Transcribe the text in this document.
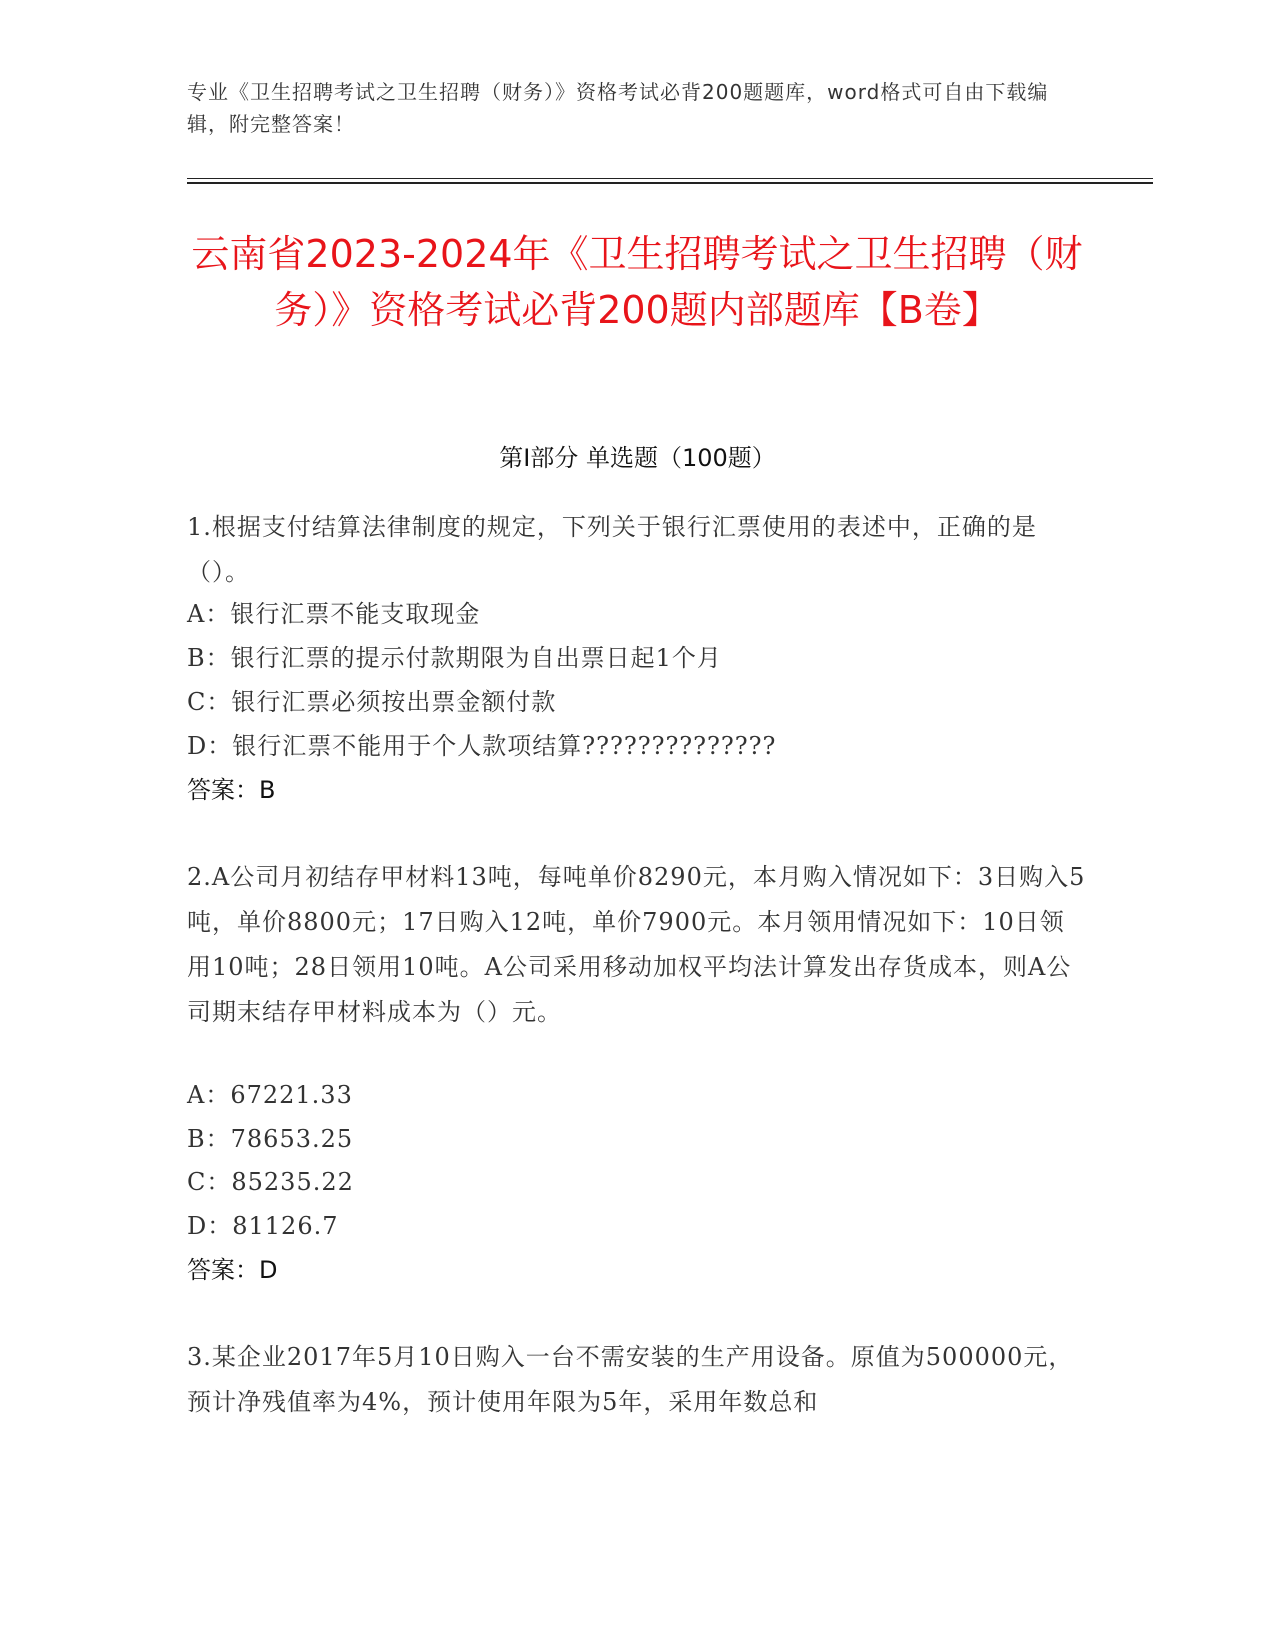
专业《卫生招聘考试之卫生招聘（财务）》资格考试必背200题题库，word格式可自由下载编辑，附完整答案！
云南省2023-2024年《卫生招聘考试之卫生招聘（财务）》资格考试必背200题内部题库【B卷】
第I部分 单选题（100题）
1.根据支付结算法律制度的规定，下列关于银行汇票使用的表述中，正确的是（）。
A：银行汇票不能支取现金
B：银行汇票的提示付款期限为自出票日起1个月
C：银行汇票必须按出票金额付款
D：银行汇票不能用于个人款项结算??????????????
答案：B
2.A公司月初结存甲材料13吨，每吨单价8290元，本月购入情况如下：3日购入5吨，单价8800元；17日购入12吨，单价7900元。本月领用情况如下：10日领用10吨；28日领用10吨。A公司采用移动加权平均法计算发出存货成本，则A公司期末结存甲材料成本为（）元。
A：67221.33
B：78653.25
C：85235.22
D：81126.7
答案：D
3.某企业2017年5月10日购入一台不需安装的生产用设备。原值为500000元，预计净残值率为4%，预计使用年限为5年，采用年数总和
